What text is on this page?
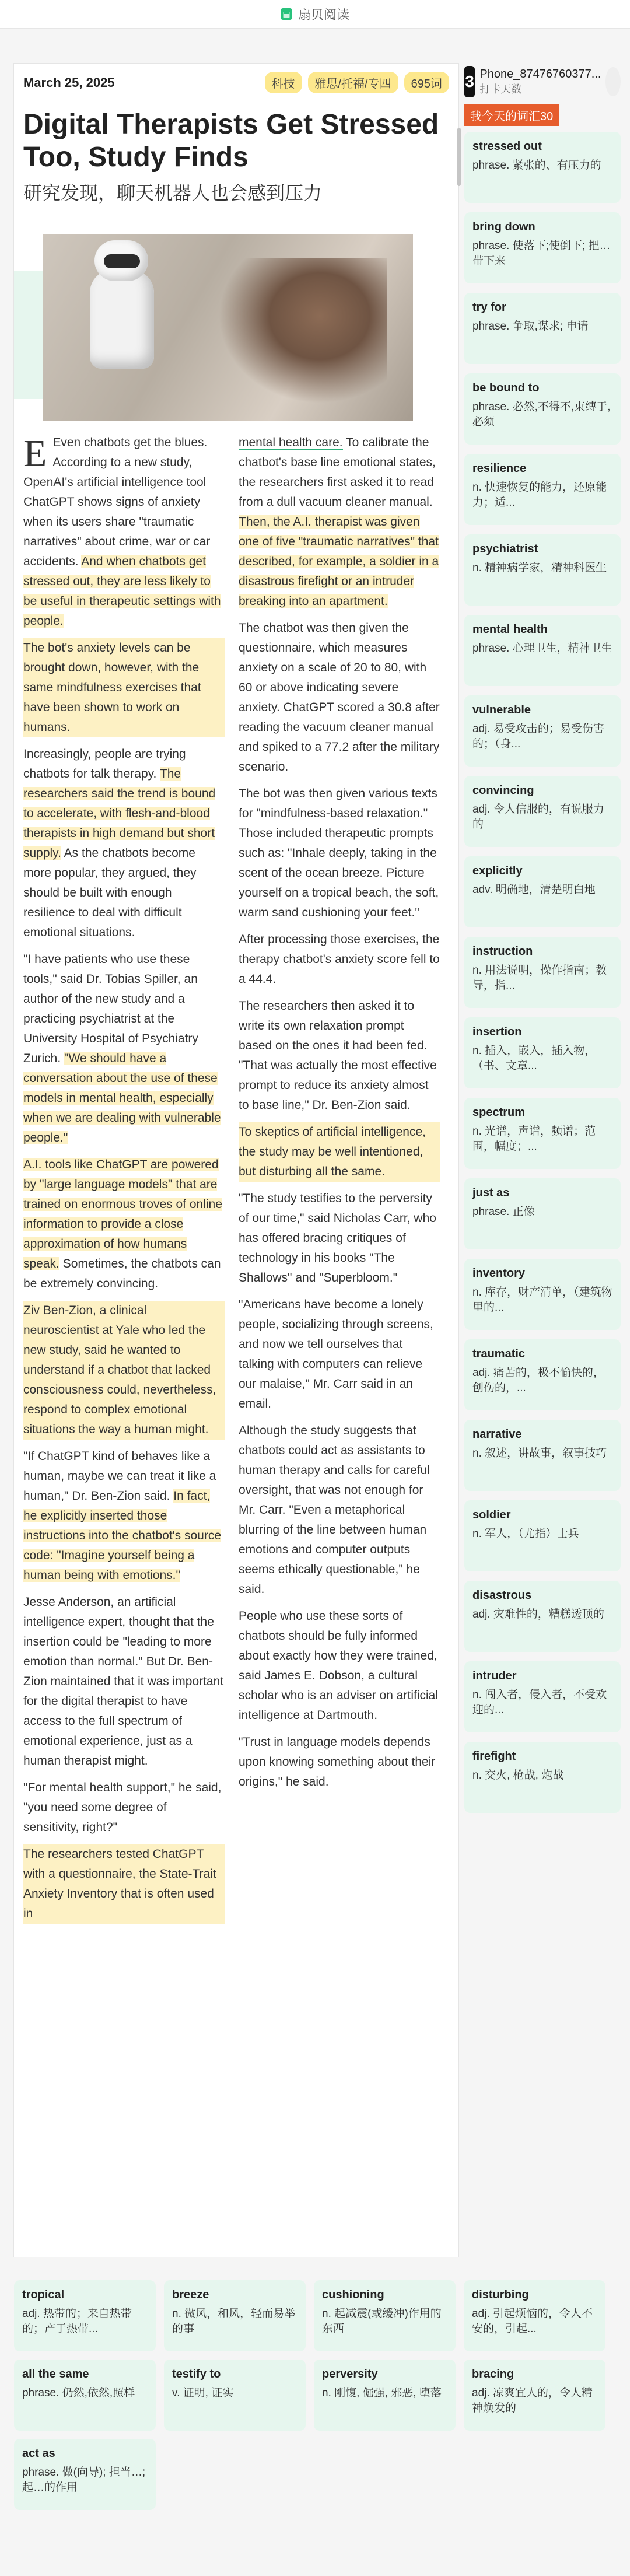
▤ 扇贝阅读
March 25, 2025	科技	雅思/托福/专四	695词
Digital Therapists Get Stressed Too, Study Finds
研究发现，聊天机器人也会感到压力

E Even chatbots get the blues. According to a new study, OpenAI's artificial intelligence tool ChatGPT shows signs of anxiety when its users share "traumatic narratives" about crime, war or car accidents. And when chatbots get stressed out, they are less likely to be useful in therapeutic settings with people.

The bot's anxiety levels can be brought down, however, with the same mindfulness exercises that have been shown to work on humans.

Increasingly, people are trying chatbots for talk therapy. The researchers said the trend is bound to accelerate, with flesh-and-blood therapists in high demand but short supply. As the chatbots become more popular, they argued, they should be built with enough resilience to deal with difficult emotional situations.

"I have patients who use these tools," said Dr. Tobias Spiller, an author of the new study and a practicing psychiatrist at the University Hospital of Psychiatry Zurich. "We should have a conversation about the use of these models in mental health, especially when we are dealing with vulnerable people."

A.I. tools like ChatGPT are powered by "large language models" that are trained on enormous troves of online information to provide a close approximation of how humans speak. Sometimes, the chatbots can be extremely convincing.

Ziv Ben-Zion, a clinical neuroscientist at Yale who led the new study, said he wanted to understand if a chatbot that lacked consciousness could, nevertheless, respond to complex emotional situations the way a human might.

"If ChatGPT kind of behaves like a human, maybe we can treat it like a human," Dr. Ben-Zion said. In fact, he explicitly inserted those instructions into the chatbot's source code: "Imagine yourself being a human being with emotions."

Jesse Anderson, an artificial intelligence expert, thought that the insertion could be "leading to more emotion than normal." But Dr. Ben-Zion maintained that it was important for the digital therapist to have access to the full spectrum of emotional experience, just as a human therapist might.

"For mental health support," he said, "you need some degree of sensitivity, right?"

The researchers tested ChatGPT with a questionnaire, the State-Trait Anxiety Inventory that is often used in

mental health care. To calibrate the chatbot's base line emotional states, the researchers first asked it to read from a dull vacuum cleaner manual. Then, the A.I. therapist was given one of five "traumatic narratives" that described, for example, a soldier in a disastrous firefight or an intruder breaking into an apartment.

The chatbot was then given the questionnaire, which measures anxiety on a scale of 20 to 80, with 60 or above indicating severe anxiety. ChatGPT scored a 30.8 after reading the vacuum cleaner manual and spiked to a 77.2 after the military scenario.

The bot was then given various texts for "mindfulness-based relaxation." Those included therapeutic prompts such as: "Inhale deeply, taking in the scent of the ocean breeze. Picture yourself on a tropical beach, the soft, warm sand cushioning your feet."

After processing those exercises, the therapy chatbot's anxiety score fell to a 44.4.

The researchers then asked it to write its own relaxation prompt based on the ones it had been fed. "That was actually the most effective prompt to reduce its anxiety almost to base line," Dr. Ben-Zion said.

To skeptics of artificial intelligence, the study may be well intentioned, but disturbing all the same.

"The study testifies to the perversity of our time," said Nicholas Carr, who has offered bracing critiques of technology in his books "The Shallows" and "Superbloom."

"Americans have become a lonely people, socializing through screens, and now we tell ourselves that talking with computers can relieve our malaise," Mr. Carr said in an email.

Although the study suggests that chatbots could act as assistants to human therapy and calls for careful oversight, that was not enough for Mr. Carr. "Even a metaphorical blurring of the line between human emotions and computer outputs seems ethically questionable," he said.

People who use these sorts of chatbots should be fully informed about exactly how they were trained, said James E. Dobson, a cultural scholar who is an adviser on artificial intelligence at Dartmouth.

"Trust in language models depends upon knowing something about their origins," he said.

3 Phone_87476760377...
打卡天数
我今天的词汇30
stressed out
phrase. 紧张的、有压力的
bring down
phrase. 使落下;使倒下; 把…带下来
try for
phrase. 争取,谋求; 申请
be bound to
phrase. 必然,不得不,束缚于,必须
resilience
n. 快速恢复的能力，还原能力；适...
psychiatrist
n. 精神病学家，精神科医生
mental health
phrase. 心理卫生，精神卫生
vulnerable
adj. 易受攻击的；易受伤害的；（身...
convincing
adj. 令人信服的，有说服力的
explicitly
adv. 明确地，清楚明白地
instruction
n. 用法说明，操作指南；教导，指...
insertion
n. 插入，嵌入，插入物，（书、文章...
spectrum
n. 光谱，声谱，频谱；范围，幅度；...
just as
phrase. 正像
inventory
n. 库存，财产清单，（建筑物里的...
traumatic
adj. 痛苦的，极不愉快的，创伤的，...
narrative
n. 叙述，讲故事，叙事技巧
soldier
n. 军人，（尤指）士兵
disastrous
adj. 灾难性的，糟糕透顶的
intruder
n. 闯入者，侵入者，不受欢迎的...
firefight
n. 交火, 枪战, 炮战
tropical
adj. 热带的；来自热带的；产于热带...
breeze
n. 微风，和风，轻而易举的事
cushioning
n. 起减震(或缓冲)作用的东西
disturbing
adj. 引起烦恼的，令人不安的，引起...
all the same
phrase. 仍然,依然,照样
testify to
v. 证明, 证实
perversity
n. 刚愎, 倔强, 邪恶, 堕落
bracing
adj. 凉爽宜人的，令人精神焕发的
act as
phrase. 做(向导); 担当…; 起…的作用
